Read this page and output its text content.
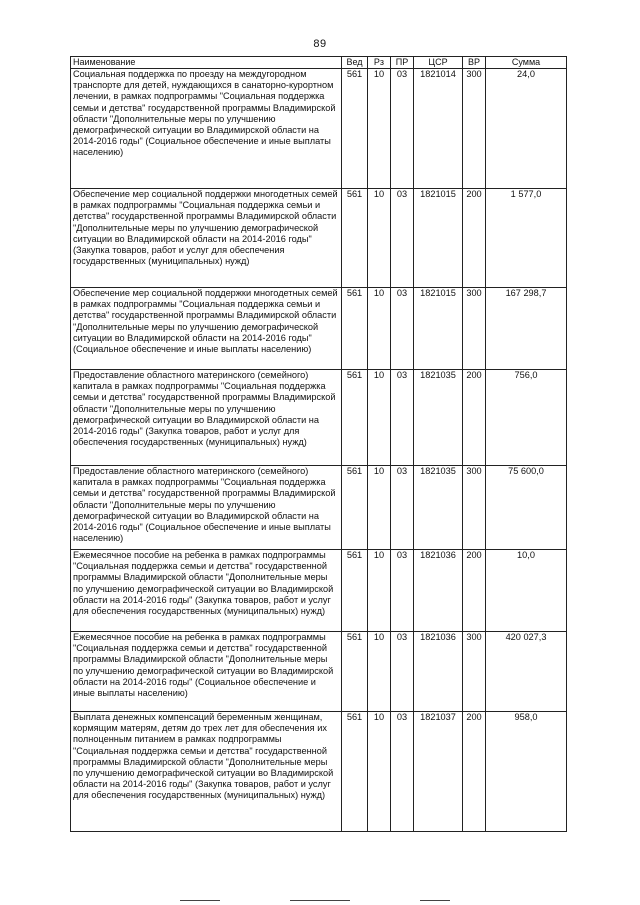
89
Наименование	Вед	Рз	ПР	ЦСР	ВР	Сумма
Социальная поддержка по проезду на междугородном транспорте для детей, нуждающихся в санаторно-курортном лечении, в рамках подпрограммы "Социальная поддержка семьи и детства" государственной программы Владимирской области "Дополнительные меры по улучшению демографической ситуации во Владимирской области на 2014-2016 годы" (Социальное обеспечение и иные выплаты населению)	561	10	03	1821014	300	24,0
Обеспечение мер социальной поддержки многодетных семей в рамках подпрограммы "Социальная поддержка семьи и детства" государственной программы Владимирской области "Дополнительные меры по улучшению демографической ситуации во Владимирской области на 2014-2016 годы" (Закупка товаров, работ и услуг для обеспечения государственных (муниципальных) нужд)	561	10	03	1821015	200	1 577,0
Обеспечение мер социальной поддержки многодетных семей в рамках подпрограммы "Социальная поддержка семьи и детства" государственной программы Владимирской области "Дополнительные меры по улучшению демографической ситуации во Владимирской области на 2014-2016 годы" (Социальное обеспечение и иные выплаты населению)	561	10	03	1821015	300	167 298,7
Предоставление областного материнского (семейного) капитала в рамках подпрограммы "Социальная поддержка семьи и детства" государственной программы Владимирской области "Дополнительные меры по улучшению демографической ситуации во Владимирской области на 2014-2016 годы" (Закупка товаров, работ и услуг для обеспечения государственных (муниципальных) нужд)	561	10	03	1821035	200	756,0
Предоставление областного материнского (семейного) капитала в рамках подпрограммы "Социальная поддержка семьи и детства" государственной программы Владимирской области "Дополнительные меры по улучшению демографической ситуации во Владимирской области на 2014-2016 годы" (Социальное обеспечение и иные выплаты населению)	561	10	03	1821035	300	75 600,0
Ежемесячное пособие на ребенка в рамках подпрограммы "Социальная поддержка семьи и детства" государственной программы Владимирской области "Дополнительные меры по улучшению демографической ситуации во Владимирской области на 2014-2016 годы" (Закупка товаров, работ и услуг для обеспечения государственных (муниципальных) нужд)	561	10	03	1821036	200	10,0
Ежемесячное пособие на ребенка в рамках подпрограммы "Социальная поддержка семьи и детства" государственной программы Владимирской области "Дополнительные меры по улучшению демографической ситуации во Владимирской области на 2014-2016 годы" (Социальное обеспечение и иные выплаты населению)	561	10	03	1821036	300	420 027,3
Выплата денежных компенсаций беременным женщинам, кормящим матерям, детям до трех лет для обеспечения их полноценным питанием в рамках подпрограммы "Социальная поддержка семьи и детства" государственной программы Владимирской области "Дополнительные меры по улучшению демографической ситуации во Владимирской области на 2014-2016 годы" (Закупка товаров, работ и услуг для обеспечения государственных (муниципальных) нужд)	561	10	03	1821037	200	958,0
